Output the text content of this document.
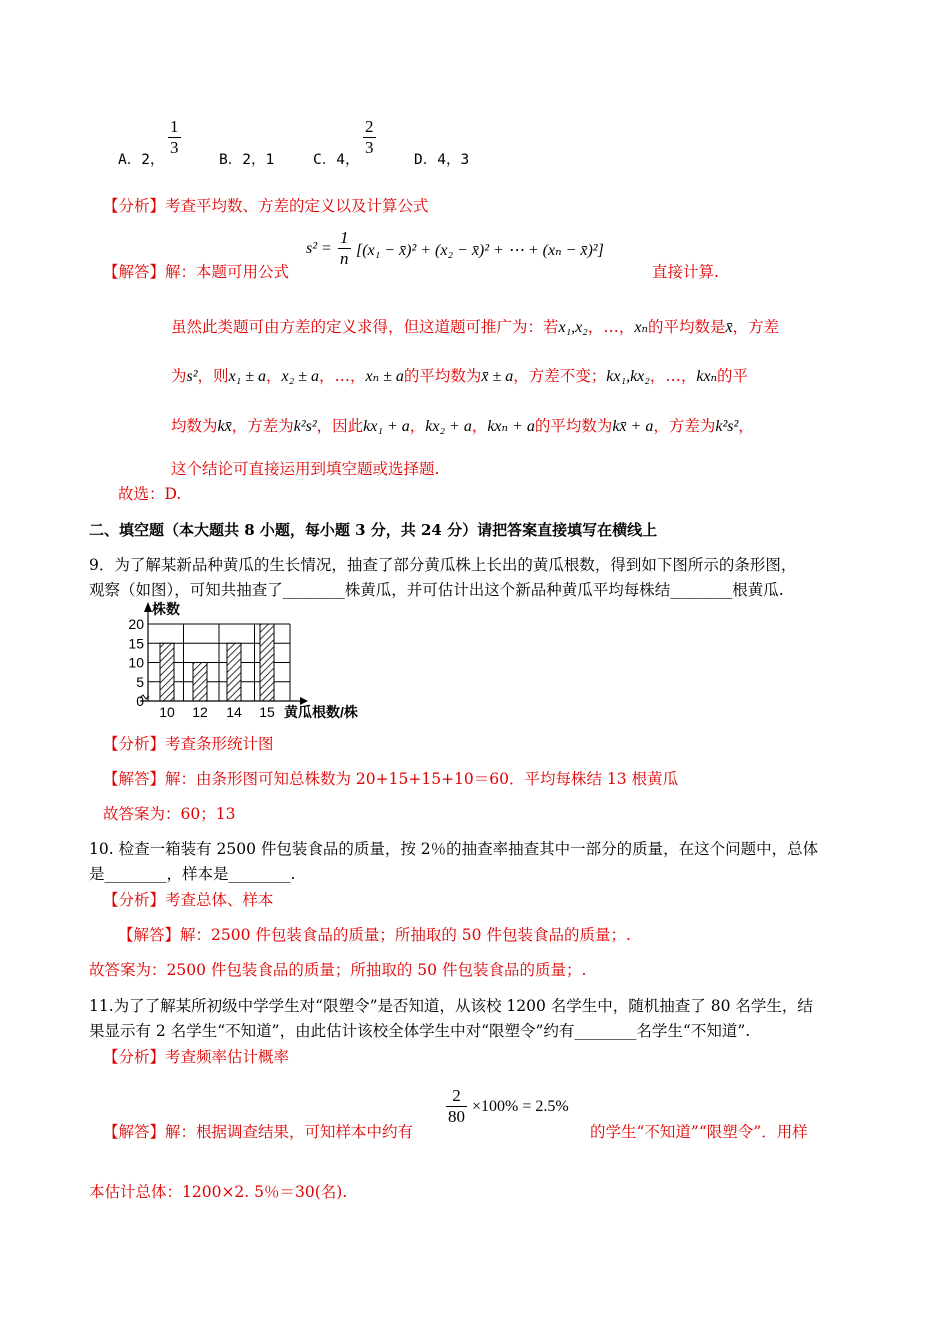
A．2，
$\frac{1}{3}$
B．2，1	C．4，
$\frac{2}{3}$
D．4，3
【分析】考查平均数、方差的定义以及计算公式
【解答】解：本题可用公式
$s^2 = \frac{1}{n} [(x_1$ − x̄)² + (x₂ − x̄)² + ⋯ + (xₙ − x̄)²]
直接计算.
虽然此类题可由方差的定义求得，但这道题可推广为：若x₁,x₂，…，xₙ的平均数是x̄，方差
为s²，则x₁ ± a，x₂ ± a，…，xₙ ± a的平均数为x̄ ± a，方差不变；kx₁,kx₂，…，kxₙ的平
均数为kx̄，方差为k²s²，因此kx₁ + a，kx₂ + a，kxₙ + a的平均数为kx̄ + a，方差为k²s²，
这个结论可直接运用到填空题或选择题.
故选：D.
二、填空题（本大题共 8 小题，每小题 3 分，共 24 分）请把答案直接填写在横线上
9．为了解某新品种黄瓜的生长情况，抽查了部分黄瓜株上长出的黄瓜根数，得到如下图所示的条形图，
观察（如图），可知共抽查了________株黄瓜，并可估计出这个新品种黄瓜平均每株结________根黄瓜.
0
5
10
15
20
10 12 14 15
株数
黄瓜根数/株
【分析】考查条形统计图
【解答】解：由条形图可知总株数为 20+15+15+10＝60．平均每株结 13 根黄瓜
故答案为：60；13
10. 检查一箱装有 2500 件包装食品的质量，按 2％的抽查率抽查其中一部分的质量，在这个问题中，总体
是________，样本是________.
【分析】考查总体、样本
【解答】解：2500 件包装食品的质量；所抽取的 50 件包装食品的质量；.
故答案为：2500 件包装食品的质量；所抽取的 50 件包装食品的质量；.
11.为了了解某所初级中学学生对“限塑令”是否知道，从该校 1200 名学生中，随机抽查了 80 名学生，结
果显示有 2 名学生“不知道”，由此估计该校全体学生中对“限塑令”约有________名学生“不知道”.
【分析】考查频率估计概率
【解答】解：根据调查结果，可知样本中约有
$\frac{2}{80} \times 100\% = 2.5\%$
的学生“不知道”“限塑令”．用样
本估计总体：1200×2. 5％＝30(名).
